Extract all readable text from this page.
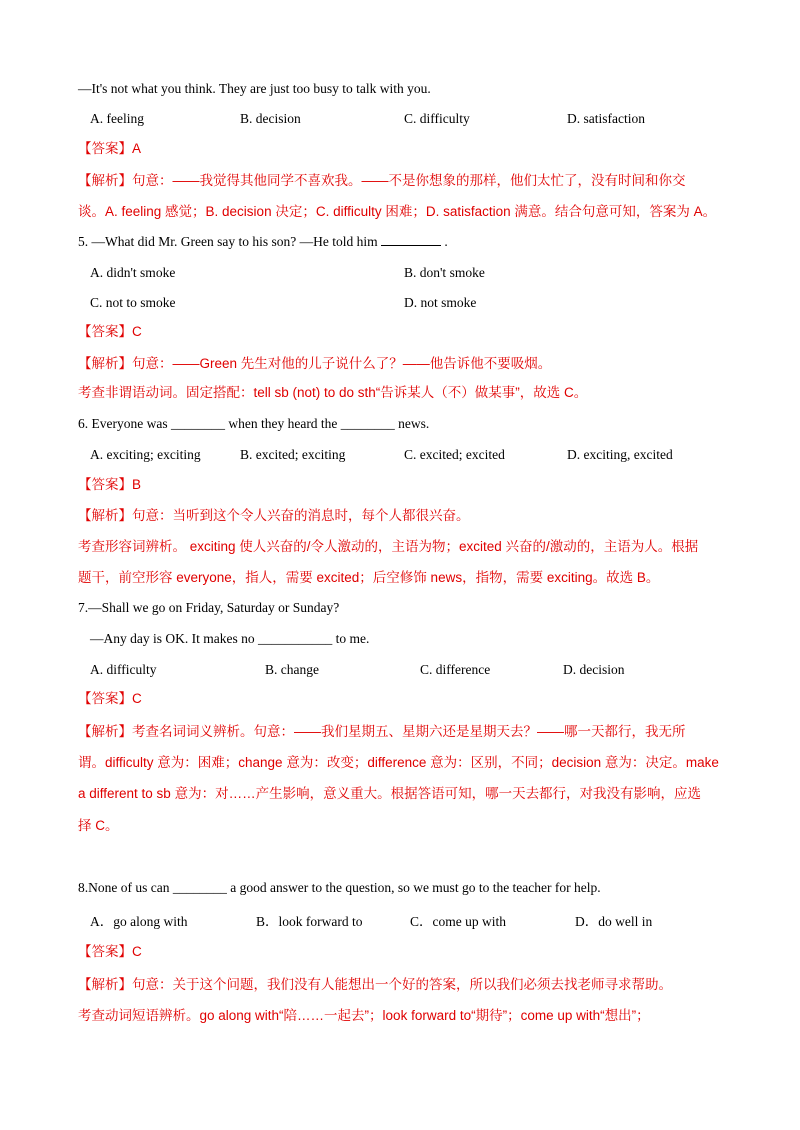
—It's not what you think. They are just too busy to talk with you.
A. feeling	B. decision	C. difficulty	D. satisfaction
【答案】A
【解析】句意：——我觉得其他同学不喜欢我。——不是你想象的那样，他们太忙了，没有时间和你交
谈。A. feeling 感觉；B. decision 决定；C. difficulty 困难；D. satisfaction 满意。结合句意可知，答案为 A。
5. —What did Mr. Green say to his son? —He told him	.
A. didn't smoke	B. don't smoke
C. not to smoke	D. not smoke
【答案】C
【解析】句意：——Green 先生对他的儿子说什么了？——他告诉他不要吸烟。
考查非谓语动词。固定搭配：tell sb (not) to do sth“告诉某人（不）做某事”，故选 C。
6. Everyone was ________ when they heard the ________ news.
A. exciting; exciting	B. excited; exciting	C. excited; excited	D. exciting, excited
【答案】B
【解析】句意：当听到这个令人兴奋的消息时，每个人都很兴奋。
考查形容词辨析。 exciting 使人兴奋的/令人激动的，主语为物；excited 兴奋的/激动的，主语为人。根据
题干，前空形容 everyone，指人，需要 excited；后空修饰 news，指物，需要 exciting。故选 B。
7.—Shall we go on Friday, Saturday or Sunday?
—Any day is OK. It makes no ___________ to me.
A. difficulty	B. change	C. difference	D. decision
【答案】C
【解析】考查名词词义辨析。句意：——我们星期五、星期六还是星期天去？——哪一天都行，我无所
谓。difficulty 意为：困难；change 意为：改变；difference 意为：区别，不同；decision 意为：决定。make
a different to sb 意为：对……产生影响，意义重大。根据答语可知，哪一天去都行，对我没有影响，应选
择 C。
8.None of us can ________ a good answer to the question, so we must go to the teacher for help.
A．go along with	B．look forward to	C．come up with	D．do well in
【答案】C
【解析】句意：关于这个问题，我们没有人能想出一个好的答案，所以我们必须去找老师寻求帮助。
考查动词短语辨析。go along with“陪……一起去”；look forward to“期待”；come up with“想出”；
